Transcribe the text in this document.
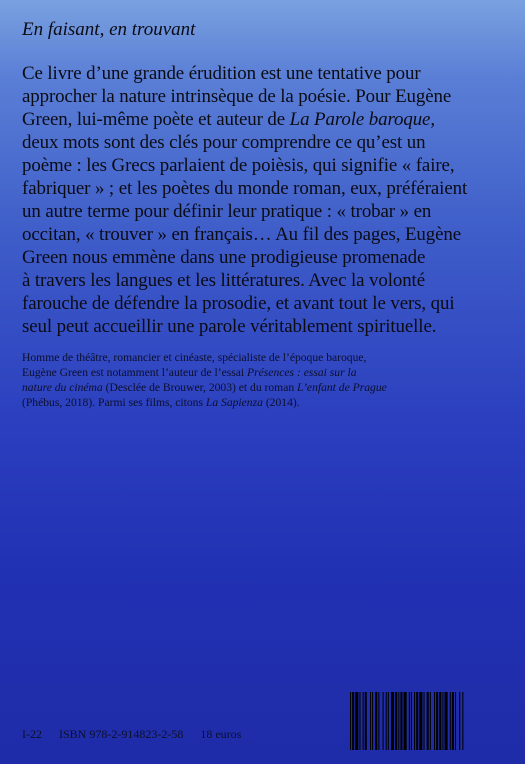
En faisant, en trouvant
Ce livre d’une grande érudition est une tentative pour
approcher la nature intrinsèque de la poésie. Pour Eugène
Green, lui-même poète et auteur de La Parole baroque,
deux mots sont des clés pour comprendre ce qu’est un
poème : les Grecs parlaient de poièsis, qui signifie « faire,
fabriquer » ; et les poètes du monde roman, eux, préféraient
un autre terme pour définir leur pratique : « trobar » en
occitan, « trouver » en français… Au fil des pages, Eugène
Green nous emmène dans une prodigieuse promenade
à travers les langues et les littératures. Avec la volonté
farouche de défendre la prosodie, et avant tout le vers, qui
seul peut accueillir une parole véritablement spirituelle.
Homme de théâtre, romancier et cinéaste, spécialiste de l’époque baroque,
Eugène Green est notamment l’auteur de l’essai Présences : essai sur la
nature du cinéma (Desclée de Brouwer, 2003) et du roman L’enfant de Prague
(Phébus, 2018). Parmi ses films, citons La Sapienza (2014).
I-22 ISBN 978-2-914823-2-58 18 euros
